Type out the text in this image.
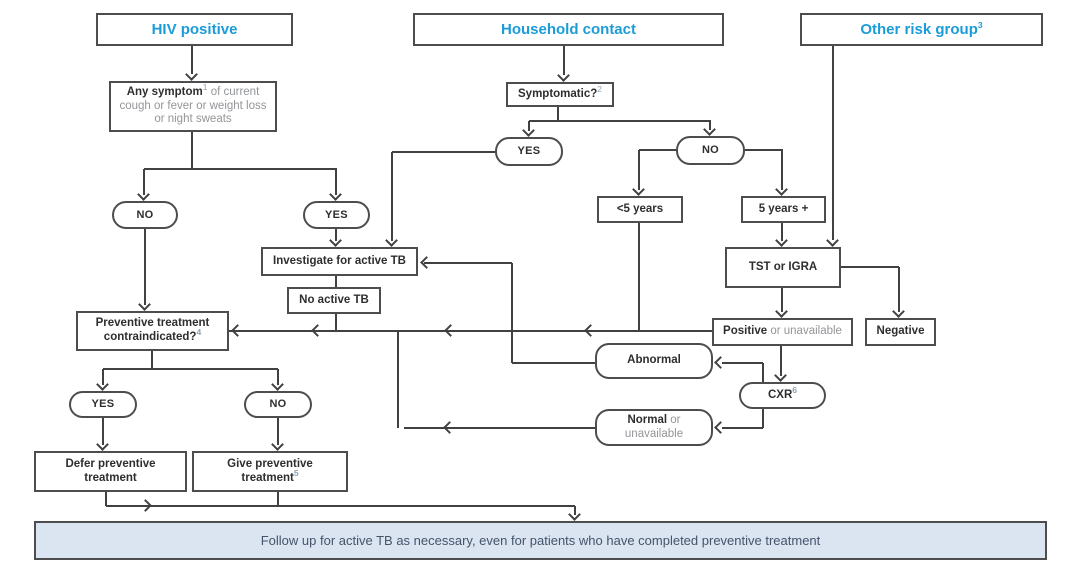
HIV positive	Household contact	Other risk group$^3$
Any symptom$^1$ of current
cough or fever or weight loss
or night sweats
NO	YES
Investigate for active TB
No active TB
Preventive treatment
contraindicated?$^4$
YES	NO
Defer preventive
treatment
Give preventive
treatment$^5$
Symptomatic?$^2$
YES	NO
<5 years	5 years +
TST or IGRA
Positive or unavailable	Negative
CXR$^6$
Abnormal
Normal or
unavailable
Follow up for active TB as necessary, even for patients who have completed preventive treatment
